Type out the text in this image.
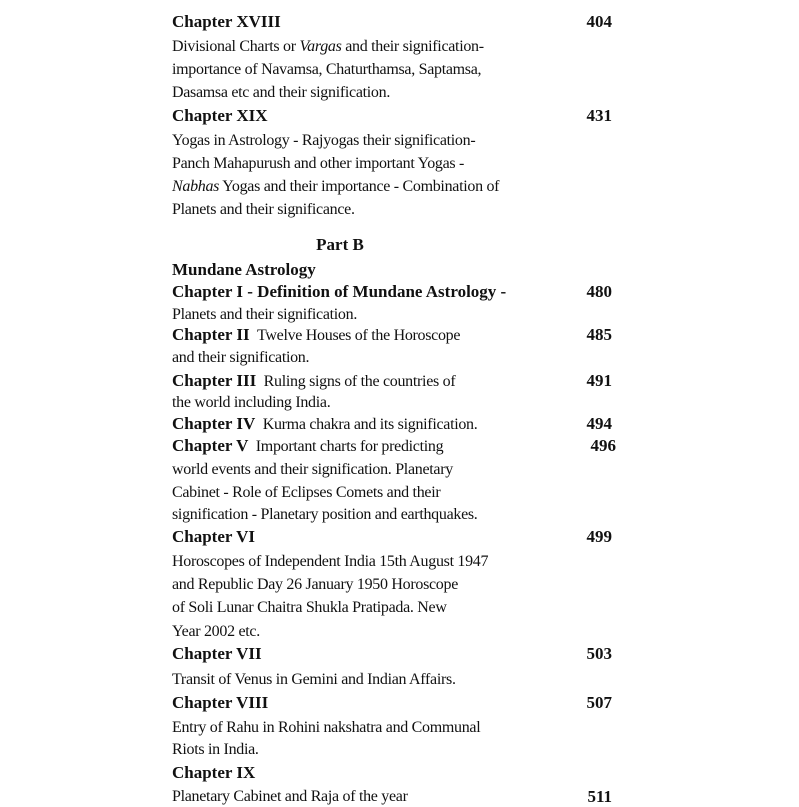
Chapter XVIII	404
Divisional Charts or Vargas and their signification-
importance of Navamsa, Chaturthamsa, Saptamsa,
Dasamsa etc and their signification.
Chapter XIX	431
Yogas in Astrology - Rajyogas their signification-
Panch Mahapurush and other important Yogas -
Nabhas Yogas and their importance - Combination of
Planets and their significance.
Part B
Mundane Astrology
Chapter I - Definition of Mundane Astrology -	480
Planets and their signification.
Chapter II Twelve Houses of the Horoscope	485
and their signification.
Chapter III Ruling signs of the countries of	491
the world including India.
Chapter IV Kurma chakra and its signification.	494
Chapter V Important charts for predicting	496
world events and their signification. Planetary
Cabinet - Role of Eclipses Comets and their
signification - Planetary position and earthquakes.
Chapter VI	499
Horoscopes of Independent India 15th August 1947
and Republic Day 26 January 1950 Horoscope
of Soli Lunar Chaitra Shukla Pratipada. New
Year 2002 etc.
Chapter VII	503
Transit of Venus in Gemini and Indian Affairs.
Chapter VIII	507
Entry of Rahu in Rohini nakshatra and Communal
Riots in India.
Chapter IX
Planetary Cabinet and Raja of the year	511
